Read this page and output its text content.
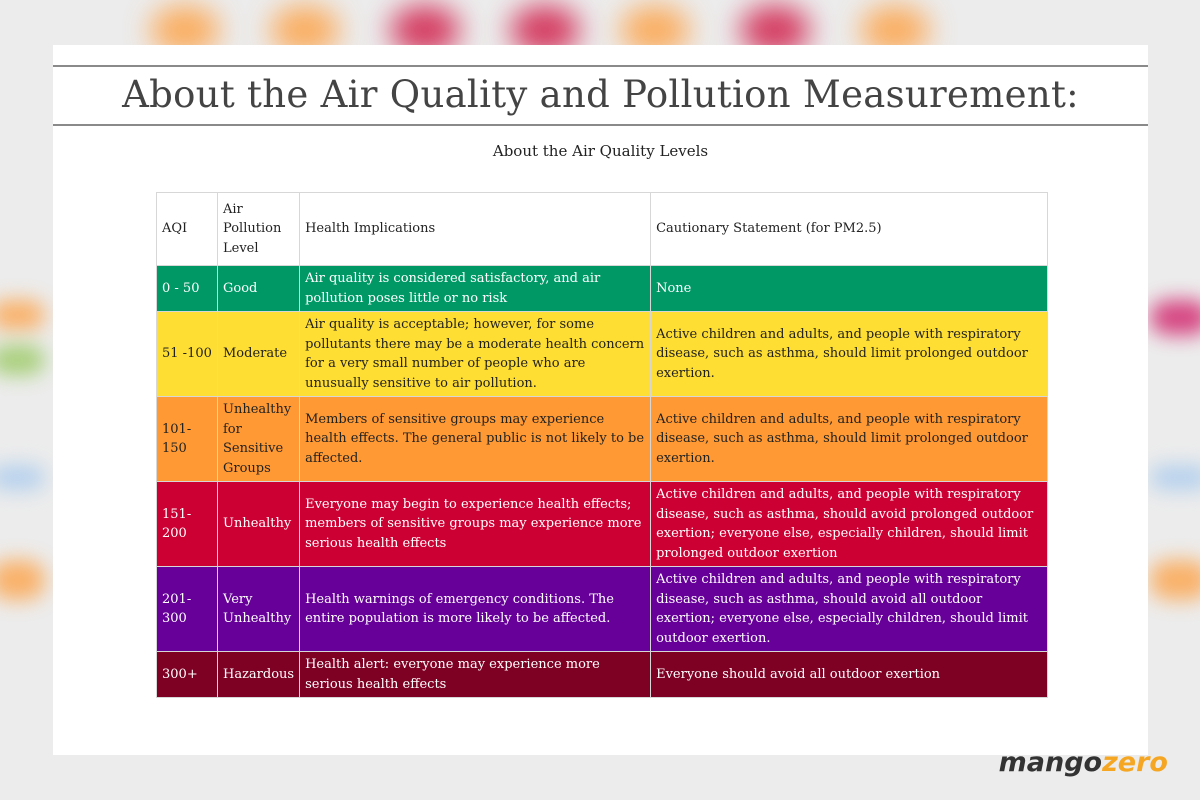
About the Air Quality and Pollution Measurement:
About the Air Quality Levels
AQI	Air Pollution Level	Health Implications	Cautionary Statement (for PM2.5)
0 - 50	Good	Air quality is considered satisfactory, and air pollution poses little or no risk	None
51 -100	Moderate	Air quality is acceptable; however, for some pollutants there may be a moderate health concern for a very small number of people who are unusually sensitive to air pollution.	Active children and adults, and people with respiratory disease, such as asthma, should limit prolonged outdoor exertion.
101-150	Unhealthy for Sensitive Groups	Members of sensitive groups may experience health effects. The general public is not likely to be affected.	Active children and adults, and people with respiratory disease, such as asthma, should limit prolonged outdoor exertion.
151-200	Unhealthy	Everyone may begin to experience health effects; members of sensitive groups may experience more serious health effects	Active children and adults, and people with respiratory disease, such as asthma, should avoid prolonged outdoor exertion; everyone else, especially children, should limit prolonged outdoor exertion
201-300	Very Unhealthy	Health warnings of emergency conditions. The entire population is more likely to be affected.	Active children and adults, and people with respiratory disease, such as asthma, should avoid all outdoor exertion; everyone else, especially children, should limit outdoor exertion.
300+	Hazardous	Health alert: everyone may experience more serious health effects	Everyone should avoid all outdoor exertion
mangozero
